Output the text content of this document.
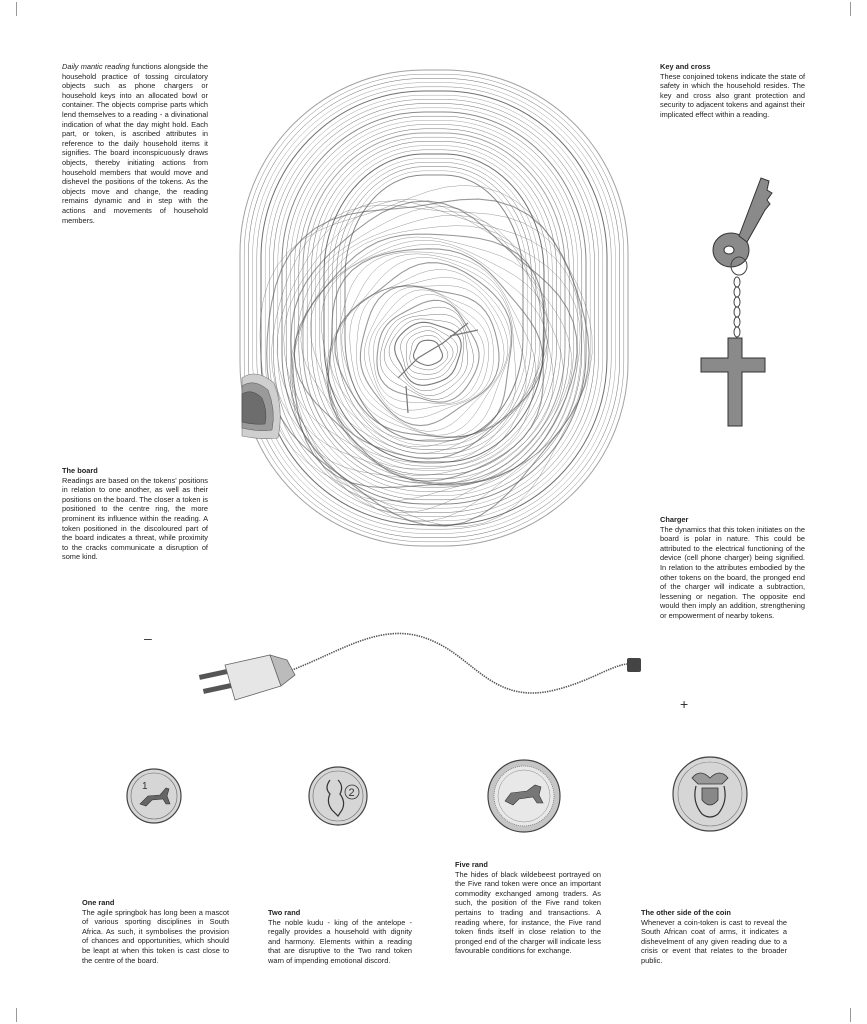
Daily mantic reading functions alongside the household practice of tossing circulatory objects such as phone chargers or household keys into an allocated bowl or container. The objects comprise parts which lend themselves to a reading - a divinational indication of what the day might hold. Each part, or token, is ascribed attributes in reference to the daily household items it signifies. The board inconspicuously draws objects, thereby initiating actions from household members that would move and dishevel the positions of the tokens. As the objects move and change, the reading remains dynamic and in step with the actions and movements of household members.
The board
Readings are based on the tokens' positions in relation to one another, as well as their positions on the board. The closer a token is positioned to the centre ring, the more prominent its influence within the reading. A token positioned in the discoloured part of the board indicates a threat, while proximity to the cracks communicate a disruption of some kind.
Key and cross
These conjoined tokens indicate the state of safety in which the household resides. The key and cross also grant protection and security to adjacent tokens and against their implicated effect within a reading.
Charger
The dynamics that this token initiates on the board is polar in nature. This could be attributed to the electrical functioning of the device (cell phone charger) being signified. In relation to the attributes embodied by the other tokens on the board, the pronged end of the charger will indicate a subtraction, lessening or negation. The opposite end would then imply an addition, strengthening or empowerment of nearby tokens.
–
+
1
2
One rand
The agile springbok has long been a mascot of various sporting disciplines in South Africa. As such, it symbolises the provision of chances and opportunities, which should be leapt at when this token is cast close to the centre of the board.
Two rand
The noble kudu - king of the antelope - regally provides a household with dignity and harmony. Elements within a reading that are disruptive to the Two rand token warn of impending emotional discord.
Five rand
The hides of black wildebeest portrayed on the Five rand token were once an important commodity exchanged among traders. As such, the position of the Five rand token pertains to trading and transactions. A reading where, for instance, the Five rand token finds itself in close relation to the pronged end of the charger will indicate less favourable conditions for exchange.
The other side of the coin
Whenever a coin-token is cast to reveal the South African coat of arms, it indicates a dishevelment of any given reading due to a crisis or event that relates to the broader public.
